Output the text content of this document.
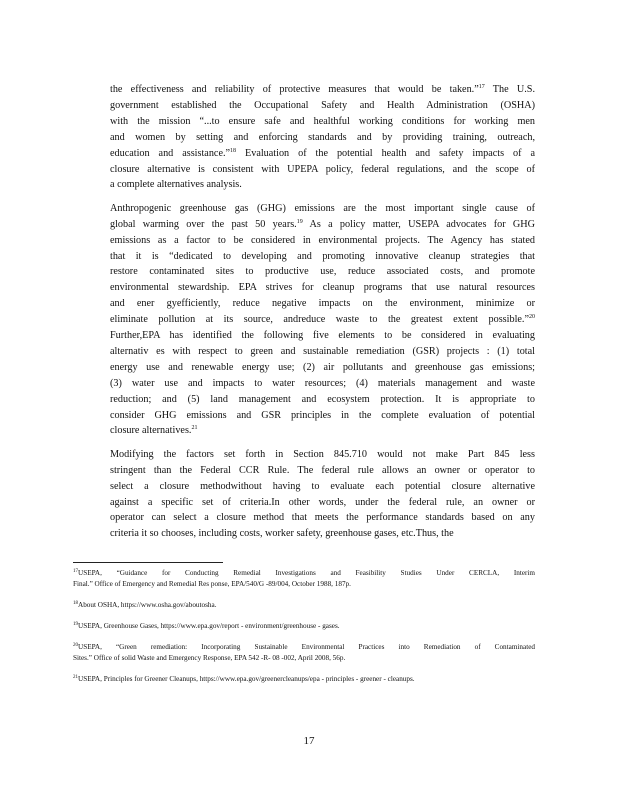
the effectiveness and reliability of protective measures that would be taken.”$^{17}$ The U.S.
government established the Occupational Safety and Health Administration (OSHA)
with the mission “...to ensure safe and healthful working conditions for working men
and women by setting and enforcing standards and by providing training, outreach,
education and assistance.”$^{18}$ Evaluation of the potential health and safety impacts of a
closure alternative is consistent with UPEPA policy, federal regulations, and the scope of
a complete alternatives analysis.
Anthropogenic greenhouse gas (GHG) emissions are the most important single cause of
global warming over the past 50 years.$^{19}$ As a policy matter, USEPA advocates for GHG
emissions as a factor to be considered in environmental projects. The Agency has stated
that it is “dedicated to developing and promoting innovative cleanup strategies that
restore contaminated sites to productive use, reduce associated costs, and promote
environmental stewardship. EPA strives for cleanup programs that use natural resources
and ener gyefficiently, reduce negative impacts on the environment, minimize or
eliminate pollution at its source, andreduce waste to the greatest extent possible.”$^{20}$
Further,EPA has identified the following five elements to be considered in evaluating
alternativ es with respect to green and sustainable remediation (GSR) projects : (1) total
energy use and renewable energy use; (2) air pollutants and greenhouse gas emissions;
(3) water use and impacts to water resources; (4) materials management and waste
reduction; and (5) land management and ecosystem protection. It is appropriate to
consider GHG emissions and GSR principles in the complete evaluation of potential
closure alternatives.$^{21}$
Modifying the factors set forth in Section 845.710 would not make Part 845 less
stringent than the Federal CCR Rule. The federal rule allows an owner or operator to
select a closure methodwithout having to evaluate each potential closure alternative
against a specific set of criteria.In other words, under the federal rule, an owner or
operator can select a closure method that meets the performance standards based on any
criteria it so chooses, including costs, worker safety, greenhouse gases, etc.Thus, the
$^{17}$USEPA, “Guidance for Conducting Remedial Investigations and Feasibility Studies Under CERCLA, Interim
Final.” Office of Emergency and Remedial Res ponse, EPA/540/G -89/004, October 1988, 187p.
$^{18}$About OSHA, https://www.osha.gov/aboutosha.
$^{19}$USEPA, Greenhouse Gases, https://www.epa.gov/report - environment/greenhouse - gases.
$^{20}$USEPA, “Green remediation: Incorporating Sustainable Environmental Practices into Remediation of Contaminated
Sites.” Office of solid Waste and Emergency Response, EPA 542 -R- 08 -002, April 2008, 56p.
$^{21}$USEPA, Principles for Greener Cleanups, https://www.epa.gov/greenercleanups/epa - principles - greener - cleanups.
17
